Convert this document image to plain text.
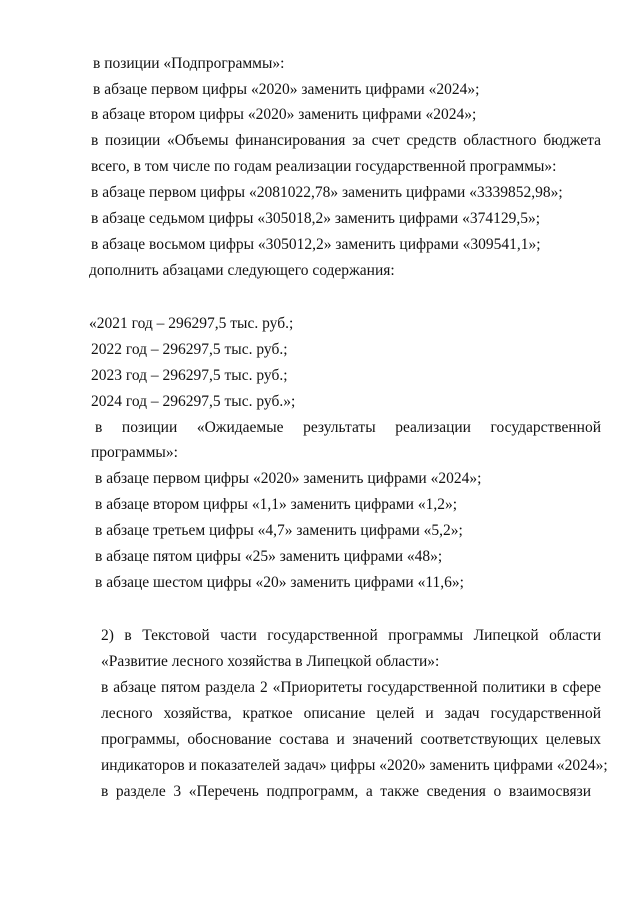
в позиции «Подпрограммы»:
в абзаце первом цифры «2020» заменить цифрами «2024»;
в абзаце втором цифры «2020» заменить цифрами «2024»;
в позиции «Объемы финансирования за счет средств областного бюджета
всего, в том числе по годам реализации государственной программы»:
в абзаце первом цифры «2081022,78» заменить цифрами «3339852,98»;
в абзаце седьмом цифры «305018,2» заменить цифрами «374129,5»;
в абзаце восьмом цифры «305012,2» заменить цифрами «309541,1»;
дополнить абзацами следующего содержания:
«2021 год – 296297,5 тыс. руб.;
2022 год – 296297,5 тыс. руб.;
2023 год – 296297,5 тыс. руб.;
2024 год – 296297,5 тыс. руб.»;
в позиции «Ожидаемые результаты реализации государственной
программы»:
в абзаце первом цифры «2020» заменить цифрами «2024»;
в абзаце втором цифры «1,1» заменить цифрами «1,2»;
в абзаце третьем цифры «4,7» заменить цифрами «5,2»;
в абзаце пятом цифры «25» заменить цифрами «48»;
в абзаце шестом цифры «20» заменить цифрами «11,6»;
2) в Текстовой части государственной программы Липецкой области
«Развитие лесного хозяйства в Липецкой области»:
в абзаце пятом раздела 2 «Приоритеты государственной политики в сфере
лесного хозяйства, краткое описание целей и задач государственной
программы, обоснование состава и значений соответствующих целевых
индикаторов и показателей задач» цифры «2020» заменить цифрами «2024»;
в разделе 3 «Перечень подпрограмм, а также сведения о взаимосвязи
